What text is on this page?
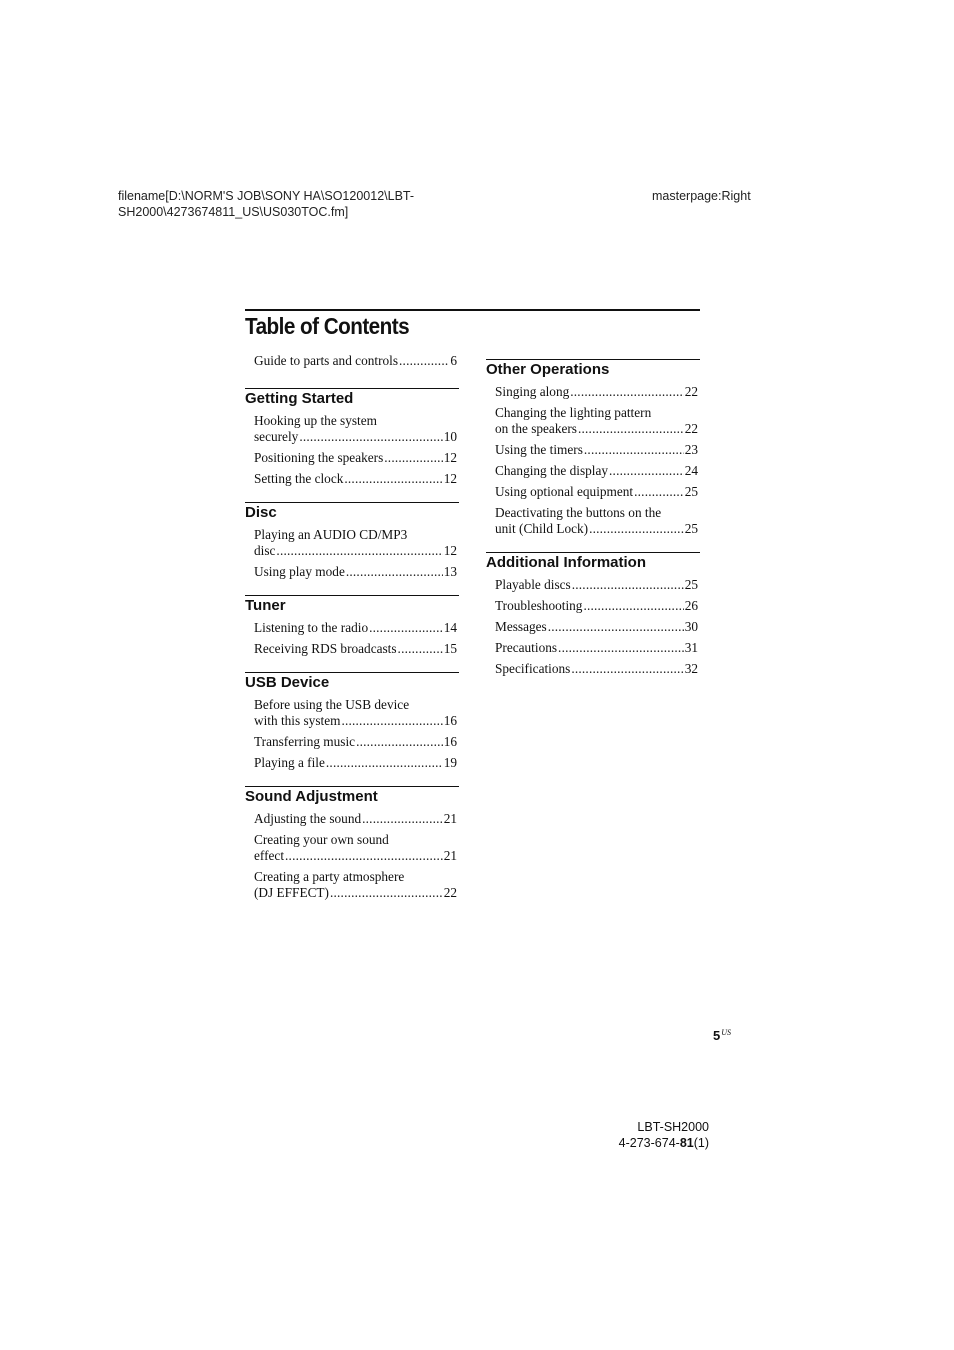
filename[D:\NORM'S JOB\SONY HA\SO120012\LBT-
SH2000\4273674811_US\US030TOC.fm]
masterpage:Right
Table of Contents
Guide to parts and controls .....	6
Getting Started
Hooking up the system
securely .....	10
Positioning the speakers .....	12
Setting the clock .....	12
Disc
Playing an AUDIO CD/MP3
disc .....	12
Using play mode .....	13
Tuner
Listening to the radio .....	14
Receiving RDS broadcasts .....	15
USB Device
Before using the USB device
with this system .....	16
Transferring music .....	16
Playing a file .....	19
Sound Adjustment
Adjusting the sound .....	21
Creating your own sound
effect .....	21
Creating a party atmosphere
(DJ EFFECT) .....	22
Other Operations
Singing along .....	22
Changing the lighting pattern
on the speakers .....	22
Using the timers .....	23
Changing the display .....	24
Using optional equipment .....	25
Deactivating the buttons on the
unit (Child Lock) .....	25
Additional Information
Playable discs .....	25
Troubleshooting .....	26
Messages .....	30
Precautions .....	31
Specifications .....	32
$5^{US}$
LBT-SH2000
4-273-674-81(1)
